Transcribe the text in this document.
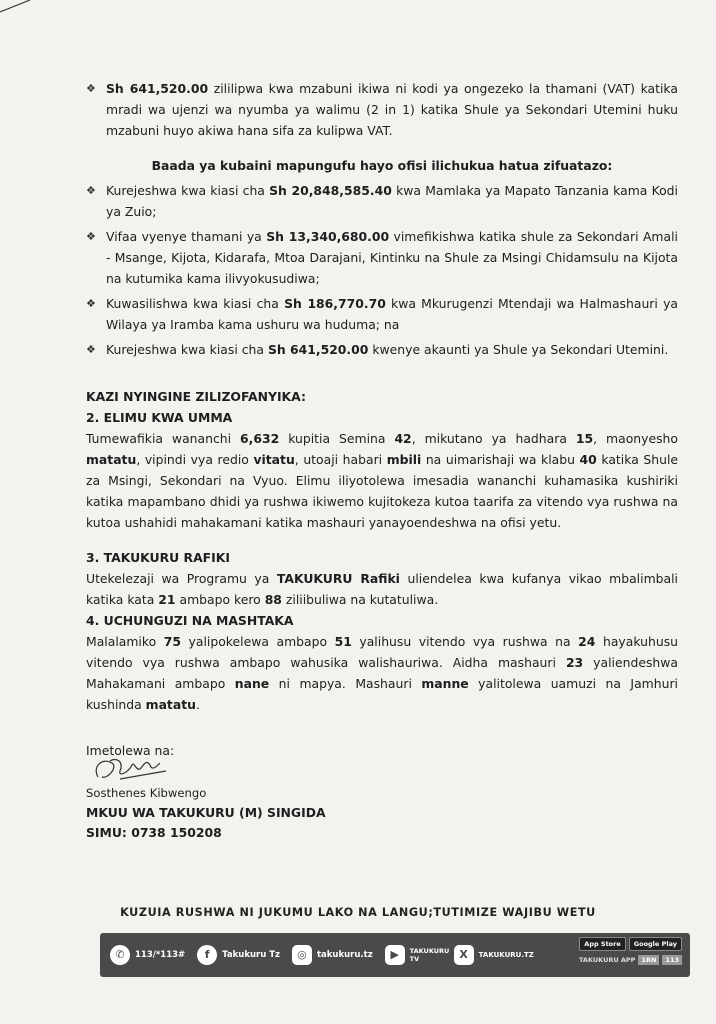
❖

Sh 641,520.00 zililipwa kwa mzabuni ikiwa ni kodi ya ongezeko la thamani (VAT) katika mradi wa ujenzi wa nyumba ya walimu (2 in 1) katika Shule ya Sekondari Utemini huku mzabuni huyo akiwa hana sifa za kulipwa VAT.

Baada ya kubaini mapungufu hayo ofisi ilichukua hatua zifuatazo:
❖

Kurejeshwa kwa kiasi cha Sh 20,848,585.40 kwa Mamlaka ya Mapato Tanzania kama Kodi ya Zuio;

❖

Vifaa vyenye thamani ya Sh 13,340,680.00 vimefikishwa katika shule za Sekondari Amali - Msange, Kijota, Kidarafa, Mtoa Darajani, Kintinku na Shule za Msingi Chidamsulu na Kijota na kutumika kama ilivyokusudiwa;

❖

Kuwasilishwa kwa kiasi cha Sh 186,770.70 kwa Mkurugenzi Mtendaji wa Halmashauri ya Wilaya ya Iramba kama ushuru wa huduma; na

❖

Kurejeshwa kwa kiasi cha Sh 641,520.00 kwenye akaunti ya Shule ya Sekondari Utemini.

KAZI NYINGINE ZILIZOFANYIKA:

2. ELIMU KWA UMMA

Tumewafikia wananchi 6,632 kupitia Semina 42, mikutano ya hadhara 15, maonyesho matatu, vipindi vya redio vitatu, utoaji habari mbili na uimarishaji wa klabu 40 katika Shule za Msingi, Sekondari na Vyuo. Elimu iliyotolewa imesadia wananchi kuhamasika kushiriki katika mapambano dhidi ya rushwa ikiwemo kujitokeza kutoa taarifa za vitendo vya rushwa na kutoa ushahidi mahakamani katika mashauri yanayoendeshwa na ofisi yetu.

3. TAKUKURU RAFIKI

Utekelezaji wa Programu ya TAKUKURU Rafiki uliendelea kwa kufanya vikao mbalimbali katika kata 21 ambapo kero 88 ziliibuliwa na kutatuliwa.

4. UCHUNGUZI NA MASHTAKA

Malalamiko 75 yalipokelewa ambapo 51 yalihusu vitendo vya rushwa na 24 hayakuhusu vitendo vya rushwa ambapo wahusika walishauriwa. Aidha mashauri 23 yaliendeshwa Mahakamani ambapo nane ni mapya. Mashauri manne yalitolewa uamuzi na Jamhuri kushinda matatu.

Imetolewa na:
Sosthenes Kibwengo
MKUU WA TAKUKURU (M) SINGIDA
SIMU: 0738 150208
KUZUIA RUSHWA NI JUKUMU LAKO NA LANGU;TUTIMIZE WAJIBU WETU
✆	113/*113#	f	Takukuru Tz	◎	takukuru.tz	▶	TAKUKURU TV	X	TAKUKURU.TZ
App Store	Google Play
TAKUKURU APP 1RN	113
